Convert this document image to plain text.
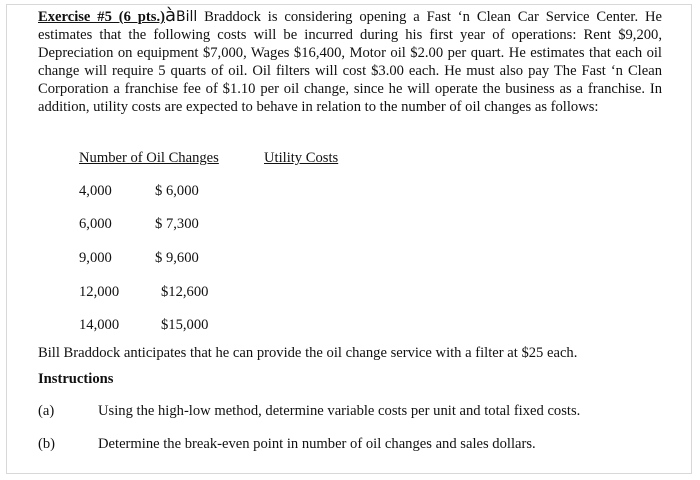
Exercise #5 (6 pts.)àBill Braddock is considering opening a Fast ‘n Clean Car Service Center. He estimates that the following costs will be incurred during his first year of operations: Rent $9,200, Depreciation on equipment $7,000, Wages $16,400, Motor oil $2.00 per quart. He estimates that each oil change will require 5 quarts of oil. Oil filters will cost $3.00 each. He must also pay The Fast ‘n Clean Corporation a franchise fee of $1.10 per oil change, since he will operate the business as a franchise. In addition, utility costs are expected to behave in relation to the number of oil changes as follows:
Number of Oil Changes	Utility Costs
4,000	$ 6,000
6,000	$ 7,300
9,000	$ 9,600
12,000	$12,600
14,000	$15,000
Bill Braddock anticipates that he can provide the oil change service with a filter at $25 each.
Instructions
(a)	Using the high-low method, determine variable costs per unit and total fixed costs.
(b)	Determine the break-even point in number of oil changes and sales dollars.
